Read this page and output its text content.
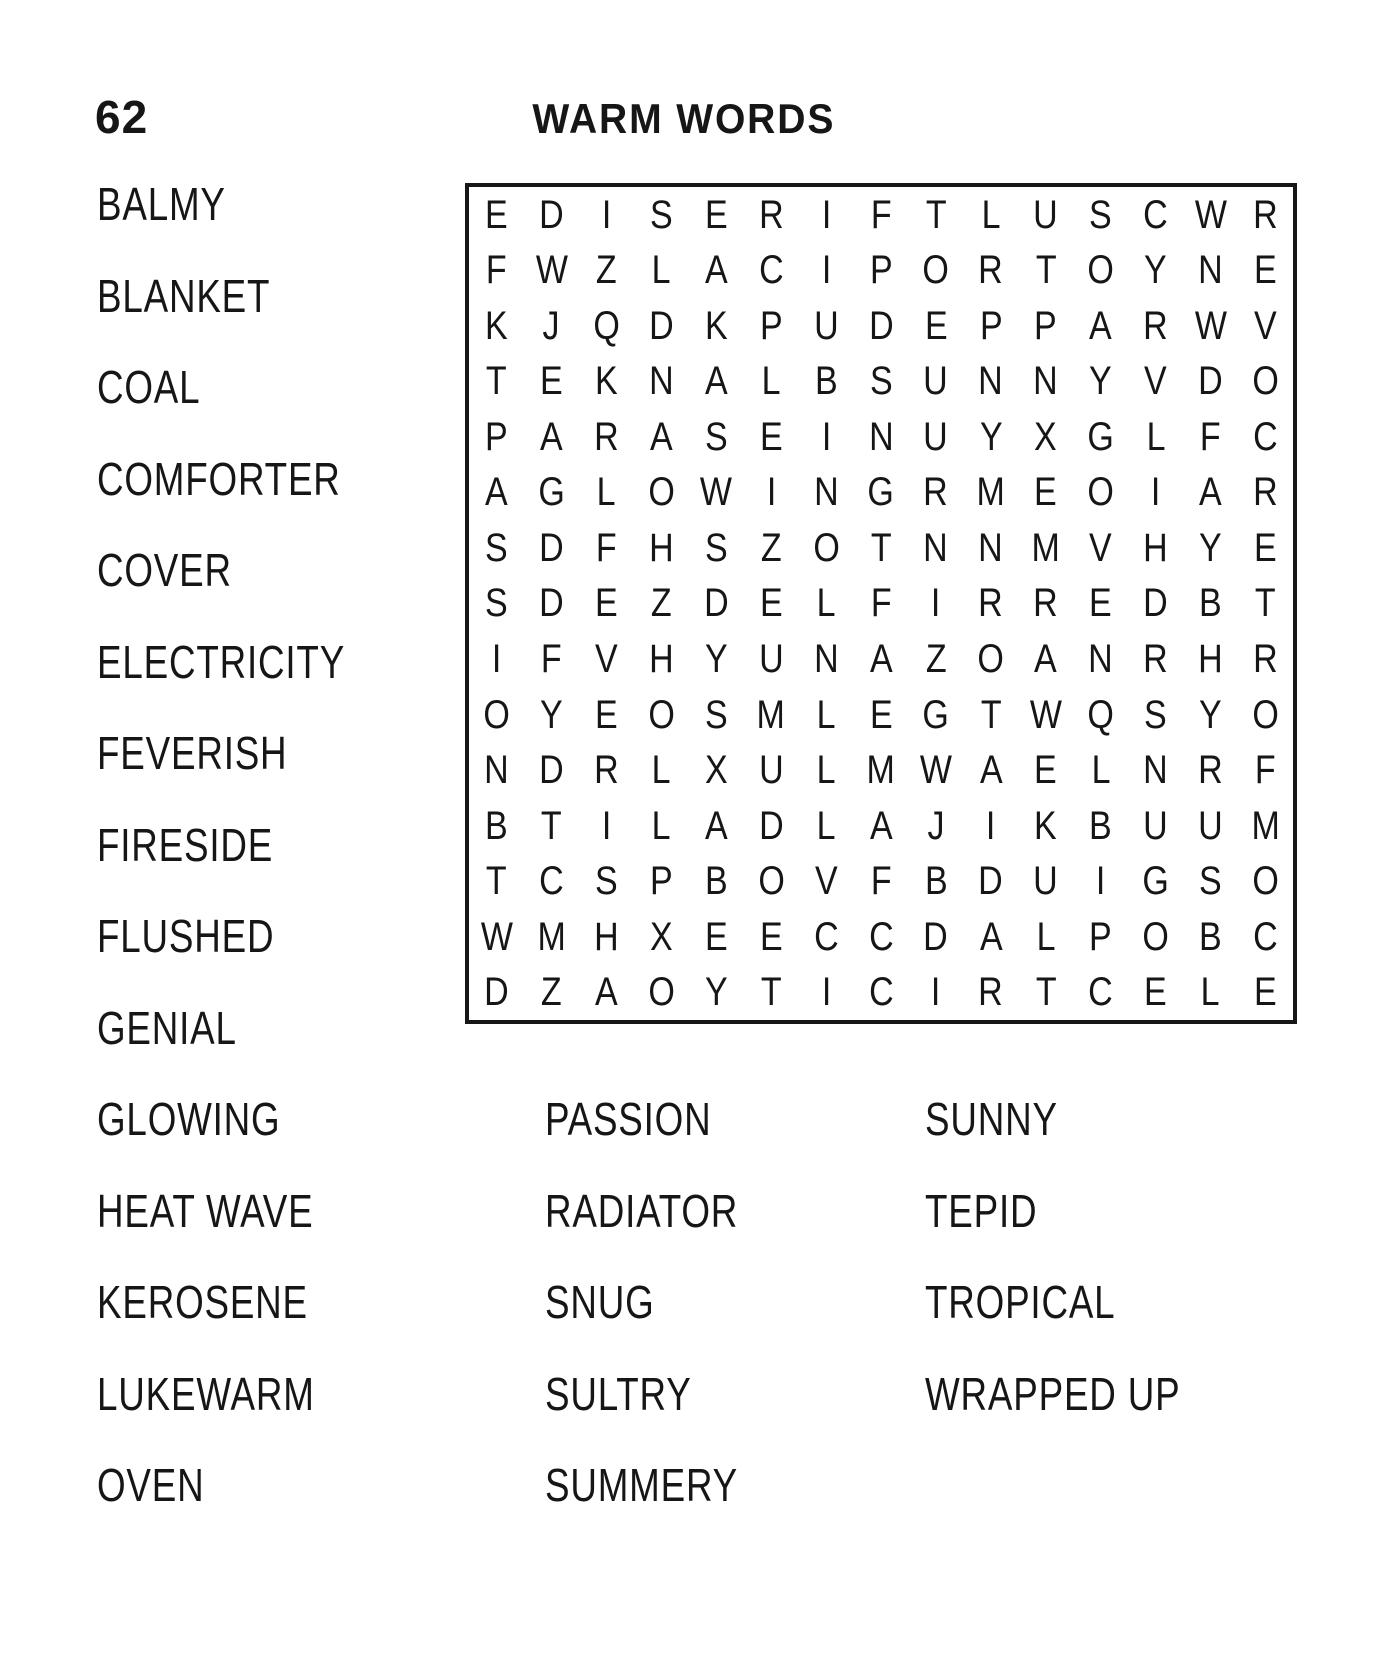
62	WARM WORDS
E D I S E R I F T L U S C W R
F W Z L A C I P O R T O Y N E
K J Q D K P U D E P P A R W V
T E K N A L B S U N N Y V D O
P A R A S E I N U Y X G L F C
A G L O W I N G R M E O I A R
S D F H S Z O T N N M V H Y E
S D E Z D E L F I R R E D B T
I F V H Y U N A Z O A N R H R
O Y E O S M L E G T W Q S Y O
N D R L X U L M W A E L N R F
B T I L A D L A J I K B U U M
T C S P B O V F B D U I G S O
W M H X E E C C D A L P O B C
D Z A O Y T I C I R T C E L E
BALMY
BLANKET
COAL
COMFORTER
COVER
ELECTRICITY
FEVERISH
FIRESIDE
FLUSHED
GENIAL
GLOWING
HEAT WAVE
KEROSENE
LUKEWARM
OVEN
PASSION
RADIATOR
SNUG
SULTRY
SUMMERY
SUNNY
TEPID
TROPICAL
WRAPPED UP
